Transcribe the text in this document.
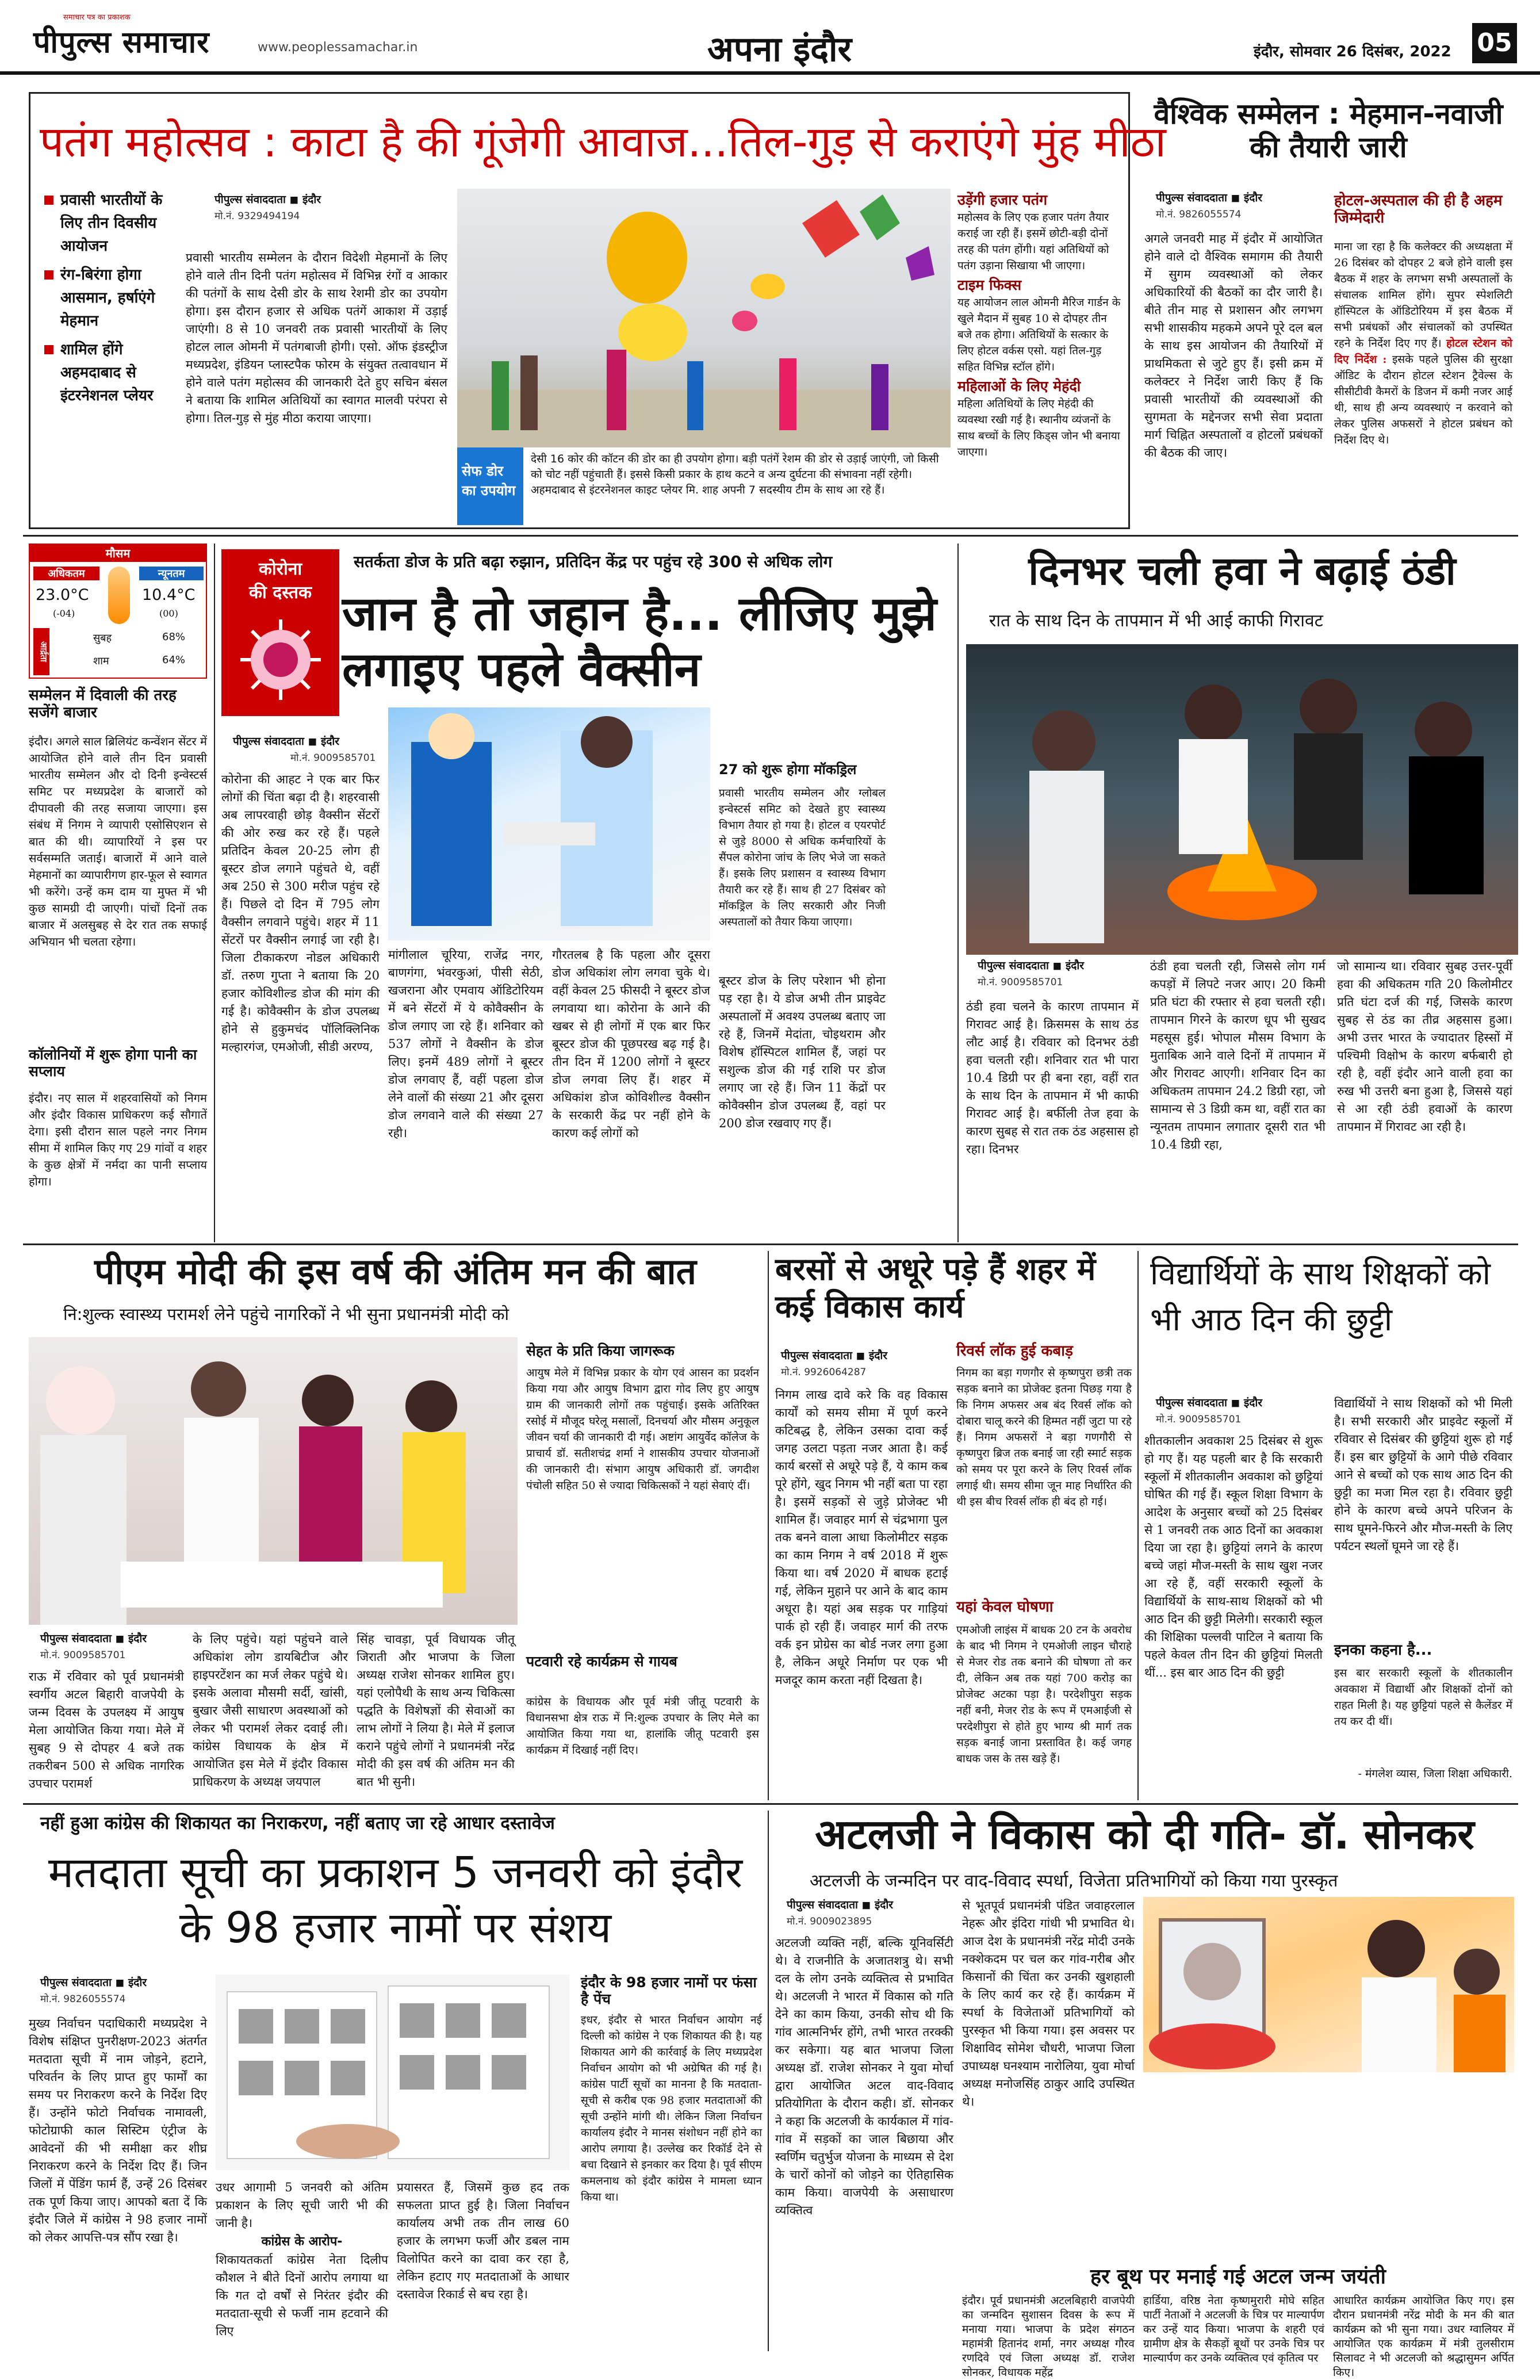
समाचार पत्र का प्रकाशक
पीपुल्स समाचार	www.peoplessamachar.in	अपना इंदौर	इंदौर, सोमवार 26 दिसंबर, 2022 05
पतंग महोत्सव : काटा है की गूंजेगी आवाज...तिल-गुड़ से कराएंगे मुंह मीठा
प्रवासी भारतीयों के लिए तीन दिवसीय आयोजन
रंग-बिरंगा होगा आसमान, हर्षाएंगे मेहमान
शामिल होंगे अहमदाबाद से इंटरनेशनल प्लेयर
पीपुल्स संवाददाता ◼ इंदौर
मो.नं. 9329494194
प्रवासी भारतीय सम्मेलन के दौरान विदेशी मेहमानों के लिए होने वाले तीन दिनी पतंग महोत्सव में विभिन्न रंगों व आकार की पतंगों के साथ देसी डोर के साथ रेशमी डोर का उपयोग होगा। इस दौरान हजार से अधिक पतंगें आकाश में उड़ाई जाएंगी। 8 से 10 जनवरी तक प्रवासी भारतीयों के लिए होटल लाल ओमनी में पतंगबाजी होगी। एसो. ऑफ इंडस्ट्रीज मध्यप्रदेश, इंडियन प्लास्टपैक फोरम के संयुक्त तत्वावधान में होने वाले पतंग महोत्सव की जानकारी देते हुए सचिन बंसल ने बताया कि शामिल अतिथियों का स्वागत मालवी परंपरा से होगा। तिल-गुड़ से मुंह मीठा कराया जाएगा।
सेफ डोर का उपयोग
देसी 16 कोर की कॉटन की डोर का ही उपयोग होगा। बड़ी पतंगें रेशम की डोर से उड़ाई जाएंगी, जो किसी को चोट नहीं पहुंचाती हैं। इससे किसी प्रकार के हाथ कटने व अन्य दुर्घटना की संभावना नहीं रहेगी। अहमदाबाद से इंटरनेशनल काइट प्लेयर मि. शाह अपनी 7 सदस्यीय टीम के साथ आ रहे हैं।
उड़ेंगी हजार पतंग

महोत्सव के लिए एक हजार पतंग तैयार कराई जा रही हैं। इसमें छोटी-बड़ी दोनों तरह की पतंग होंगी। यहां अतिथियों को पतंग उड़ाना सिखाया भी जाएगा।

टाइम फिक्स

यह आयोजन लाल ओमनी मैरिज गार्डन के खुले मैदान में सुबह 10 से दोपहर तीन बजे तक होगा। अतिथियों के सत्कार के लिए होटल वर्कस एसो. यहां तिल-गुड़ सहित विभिन्न स्टॉल होंगे।

महिलाओं के लिए मेहंदी

महिला अतिथियों के लिए मेहंदी की व्यवस्था रखी गई है। स्थानीय व्यंजनों के साथ बच्चों के लिए किड्स जोन भी बनाया जाएगा।

वैश्विक सम्मेलन : मेहमान-नवाजी की तैयारी जारी
पीपुल्स संवाददाता ◼ इंदौर
मो.नं. 9826055574
अगले जनवरी माह में इंदौर में आयोजित होने वाले दो वैश्विक समागम की तैयारी में सुगम व्यवस्थाओं को लेकर अधिकारियों की बैठकों का दौर जारी है। बीते तीन माह से प्रशासन और लगभग सभी शासकीय महकमे अपने पूरे दल बल के साथ इस आयोजन की तैयारियों में प्राथमिकता से जुटे हुए हैं। इसी क्रम में कलेक्टर ने निर्देश जारी किए हैं कि प्रवासी भारतीयों की व्यवस्थाओं की सुगमता के मद्देनजर सभी सेवा प्रदाता मार्ग चिह्नित अस्पतालों व होटलों प्रबंधकों की बैठक की जाए।
होटल-अस्पताल की ही है अहम जिम्मेदारी
माना जा रहा है कि कलेक्टर की अध्यक्षता में 26 दिसंबर को दोपहर 2 बजे होने वाली इस बैठक में शहर के लगभग सभी अस्पतालों के संचालक शामिल होंगे। सुपर स्पेशलिटी हॉस्पिटल के ऑडिटोरियम में इस बैठक में सभी प्रबंधकों और संचालकों को उपस्थित रहने के निर्देश दिए गए हैं। होटल स्टेशन को दिए निर्देश : इसके पहले पुलिस की सुरक्षा ऑडिट के दौरान होटल स्टेशन ट्रैवेल्स के सीसीटीवी कैमरों के डिजन में कमी नजर आई थी, साथ ही अन्य व्यवस्थाएं न करवाने को लेकर पुलिस अफसरों ने होटल प्रबंधन को निर्देश दिए थे।
मौसम
अधिकतम	न्यूनतम
23.0°C
(-04)
10.4°C
(00)
आर्द्रता
सुबह	68%
शाम	64%
सम्मेलन में दिवाली की तरह सजेंगे बाजार
इंदौर। अगले साल ब्रिलियंट कन्वेंशन सेंटर में आयोजित होने वाले तीन दिन प्रवासी भारतीय सम्मेलन और दो दिनी इन्वेस्टर्स समिट पर मध्यप्रदेश के बाजारों को दीपावली की तरह सजाया जाएगा। इस संबंध में निगम ने व्यापारी एसोसिएशन से बात की थी। व्यापारियों ने इस पर सर्वसम्मति जताई। बाजारों में आने वाले मेहमानों का व्यापारीगण हार-फूल से स्वागत भी करेंगे। उन्हें कम दाम या मुफ्त में भी कुछ सामग्री दी जाएगी। पांचों दिनों तक बाजार में अलसुबह से देर रात तक सफाई अभियान भी चलता रहेगा।
कॉलोनियों में शुरू होगा पानी का सप्लाय
इंदौर। नए साल में शहरवासियों को निगम और इंदौर विकास प्राधिकरण कई सौगातें देगा। इसी दौरान साल पहले नगर निगम सीमा में शामिल किए गए 29 गांवों व शहर के कुछ क्षेत्रों में नर्मदा का पानी सप्लाय होगा।
कोरोना
की दस्तक
सतर्कता डोज के प्रति बढ़ा रुझान, प्रतिदिन केंद्र पर पहुंच रहे 300 से अधिक लोग
जान है तो जहान है... लीजिए मुझे लगाइए पहले वैक्सीन
पीपुल्स संवाददाता ◼ इंदौर
मो.नं. 9009585701
कोरोना की आहट ने एक बार फिर लोगों की चिंता बढ़ा दी है। शहरवासी अब लापरवाही छोड़ वैक्सीन सेंटरों की ओर रुख कर रहे हैं। पहले प्रतिदिन केवल 20-25 लोग ही बूस्टर डोज लगाने पहुंचते थे, वहीं अब 250 से 300 मरीज पहुंच रहे हैं। पिछले दो दिन में 795 लोग वैक्सीन लगवाने पहुंचे। शहर में 11 सेंटरों पर वैक्सीन लगाई जा रही है। जिला टीकाकरण नोडल अधिकारी डॉ. तरुण गुप्ता ने बताया कि 20 हजार कोविशील्ड डोज की मांग की गई है। कोवैक्सीन के डोज उपलब्ध होने से हुकुमचंद पॉलिक्लिनिक मल्हारगंज, एमओजी, सीडी अरण्य,
मांगीलाल चूरिया, राजेंद्र नगर, बाणगंगा, भंवरकुआं, पीसी सेठी, खजराना और एमवाय ऑडिटोरियम में बने सेंटरों में ये कोवैक्सीन के डोज लगाए जा रहे हैं। शनिवार को 537 लोगों ने वैक्सीन के डोज लिए। इनमें 489 लोगों ने बूस्टर डोज लगवाए हैं, वहीं पहला डोज लेने वालों की संख्या 21 और दूसरा डोज लगवाने वाले की संख्या 27 रही।
गौरतलब है कि पहला और दूसरा डोज अधिकांश लोग लगवा चुके थे। वहीं केवल 25 फीसदी ने बूस्टर डोज लगवाया था। कोरोना के आने की खबर से ही लोगों में एक बार फिर बूस्टर डोज की पूछपरख बढ़ गई है। तीन दिन में 1200 लोगों ने बूस्टर डोज लगवा लिए हैं। शहर में अधिकांश डोज कोविशील्ड वैक्सीन के सरकारी केंद्र पर नहीं होने के कारण कई लोगों को
27 को शुरू होगा मॉकड्रिल
प्रवासी भारतीय सम्मेलन और ग्लोबल इन्वेस्टर्स समिट को देखते हुए स्वास्थ्य विभाग तैयार हो गया है। होटल व एयरपोर्ट से जुड़े 8000 से अधिक कर्मचारियों के सैंपल कोरोना जांच के लिए भेजे जा सकते हैं। इसके लिए प्रशासन व स्वास्थ्य विभाग तैयारी कर रहे हैं। साथ ही 27 दिसंबर को मॉकड्रिल के लिए सरकारी और निजी अस्पतालों को तैयार किया जाएगा।
बूस्टर डोज के लिए परेशान भी होना पड़ रहा है। ये डोज अभी तीन प्राइवेट अस्पतालों में अवश्य उपलब्ध बताए जा रहे हैं, जिनमें मेदांता, चोइथराम और विशेष हॉस्पिटल शामिल हैं, जहां पर सशुल्क डोज की गई राशि पर डोज लगाए जा रहे हैं। जिन 11 केंद्रों पर कोवैक्सीन डोज उपलब्ध हैं, वहां पर 200 डोज रखवाए गए हैं।
दिनभर चली हवा ने बढ़ाई ठंडी
रात के साथ दिन के तापमान में भी आई काफी गिरावट
पीपुल्स संवाददाता ◼ इंदौर
मो.नं. 9009585701
ठंडी हवा चलने के कारण तापमान में गिरावट आई है। क्रिसमस के साथ ठंड लौट आई है। रविवार को दिनभर ठंडी हवा चलती रही। शनिवार रात भी पारा 10.4 डिग्री पर ही बना रहा, वहीं रात के साथ दिन के तापमान में भी काफी गिरावट आई है। बर्फीली तेज हवा के कारण सुबह से रात तक ठंड अहसास हो रहा। दिनभर
ठंडी हवा चलती रही, जिससे लोग गर्म कपड़ों में लिपटे नजर आए। 20 किमी प्रति घंटा की रफ्तार से हवा चलती रही। तापमान गिरने के कारण धूप भी सुखद महसूस हुई। भोपाल मौसम विभाग के मुताबिक आने वाले दिनों में तापमान में और गिरावट आएगी। शनिवार दिन का अधिकतम तापमान 24.2 डिग्री रहा, जो सामान्य से 3 डिग्री कम था, वहीं रात का न्यूनतम तापमान लगातार दूसरी रात भी 10.4 डिग्री रहा,
जो सामान्य था। रविवार सुबह उत्तर-पूर्वी हवा की अधिकतम गति 20 किलोमीटर प्रति घंटा दर्ज की गई, जिसके कारण सुबह से ठंड का तीव्र अहसास हुआ। अभी उत्तर भारत के ज्यादातर हिस्सों में पश्चिमी विक्षोभ के कारण बर्फबारी हो रही है, वहीं इंदौर आने वाली हवा का रुख भी उत्तरी बना हुआ है, जिससे यहां से आ रही ठंडी हवाओं के कारण तापमान में गिरावट आ रही है।
पीएम मोदी की इस वर्ष की अंतिम मन की बात
नि:शुल्क स्वास्थ्य परामर्श लेने पहुंचे नागरिकों ने भी सुना प्रधानमंत्री मोदी को
पीपुल्स संवाददाता ◼ इंदौर
मो.नं. 9009585701
राऊ में रविवार को पूर्व प्रधानमंत्री स्वर्गीय अटल बिहारी वाजपेयी के जन्म दिवस के उपलक्ष्य में आयुष मेला आयोजित किया गया। मेले में सुबह 9 से दोपहर 4 बजे तक तकरीबन 500 से अधिक नागरिक उपचार परामर्श
के लिए पहुंचे। यहां पहुंचने वाले अधिकांश लोग डायबिटीज और हाइपरटेंशन का मर्ज लेकर पहुंचे थे। इसके अलावा मौसमी सर्दी, खांसी, बुखार जैसी साधारण अवस्थाओं को लेकर भी परामर्श लेकर दवाई ली। कांग्रेस विधायक के क्षेत्र में आयोजित इस मेले में इंदौर विकास प्राधिकरण के अध्यक्ष जयपाल
सिंह चावड़ा, पूर्व विधायक जीतू जिराती और भाजपा के जिला अध्यक्ष राजेश सोनकर शामिल हुए। यहां एलोपैथी के साथ अन्य चिकित्सा पद्धति के विशेषज्ञों की सेवाओं का लाभ लोगों ने लिया है। मेले में इलाज कराने पहुंचे लोगों ने प्रधानमंत्री नरेंद्र मोदी की इस वर्ष की अंतिम मन की बात भी सुनी।
सेहत के प्रति किया जागरूक
आयुष मेले में विभिन्न प्रकार के योग एवं आसन का प्रदर्शन किया गया और आयुष विभाग द्वारा गोद लिए हुए आयुष ग्राम की जानकारी लोगों तक पहुंचाई। इसके अतिरिक्त रसोई में मौजूद घरेलू मसालों, दिनचर्या और मौसम अनुकूल जीवन चर्या की जानकारी दी गई। अष्टांग आयुर्वेद कॉलेज के प्राचार्य डॉ. सतीशचंद्र शर्मा ने शासकीय उपचार योजनाओं की जानकारी दी। संभाग आयुष अधिकारी डॉ. जगदीश पंचोली सहित 50 से ज्यादा चिकित्सकों ने यहां सेवाएं दीं।
पटवारी रहे कार्यक्रम से गायब
कांग्रेस के विधायक और पूर्व मंत्री जीतू पटवारी के विधानसभा क्षेत्र राऊ में नि:शुल्क उपचार के लिए मेले का आयोजित किया गया था, हालांकि जीतू पटवारी इस कार्यक्रम में दिखाई नहीं दिए।
बरसों से अधूरे पड़े हैं शहर में कई विकास कार्य
पीपुल्स संवाददाता ◼ इंदौर
मो.नं. 9926064287
निगम लाख दावे करे कि वह विकास कार्यों को समय सीमा में पूर्ण करने कटिबद्ध है, लेकिन उसका दावा कई जगह उलटा पड़ता नजर आता है। कई कार्य बरसों से अधूरे पड़े हैं, ये काम कब पूरे होंगे, खुद निगम भी नहीं बता पा रहा है। इसमें सड़कों से जुड़े प्रोजेक्ट भी शामिल हैं। जवाहर मार्ग से चंद्रभागा पुल तक बनने वाला आधा किलोमीटर सड़क का काम निगम ने वर्ष 2018 में शुरू किया था। वर्ष 2020 में बाधक हटाई गई, लेकिन मुहाने पर आने के बाद काम अधूरा है। यहां अब सड़क पर गाड़ियां पार्क हो रही हैं। जवाहर मार्ग की तरफ वर्क इन प्रोग्रेस का बोर्ड नजर लगा हुआ है, लेकिन अधूरे निर्माण पर एक भी मजदूर काम करता नहीं दिखता है।
रिवर्स लॉक हुई कबाड़
निगम का बड़ा गणगौर से कृष्णपुरा छत्री तक सड़क बनाने का प्रोजेक्ट इतना पिछड़ गया है कि निगम अफसर अब बंद रिवर्स लॉक को दोबारा चालू करने की हिम्मत नहीं जुटा पा रहे हैं। निगम अफसरों ने बड़ा गणगौरी से कृष्णपुरा ब्रिज तक बनाई जा रही स्मार्ट सड़क को समय पर पूरा करने के लिए रिवर्स लॉक लगाई थी। समय सीमा जून माह निर्धारित की थी इस बीच रिवर्स लॉक ही बंद हो गई।
यहां केवल घोषणा
एमओजी लाइंस में बाधक 20 टन के अवरोध के बाद भी निगम ने एमओजी लाइन चौराहे से मेजर रोड तक बनाने की घोषणा तो कर दी, लेकिन अब तक यहां 700 करोड़ का प्रोजेक्ट अटका पड़ा है। परदेशीपुरा सड़क नहीं बनी, मेजर रोड के रूप में एमआईजी से परदेशीपुरा से होते हुए भाग्य श्री मार्ग तक सड़क बनाई जाना प्रस्तावित है। कई जगह बाधक जस के तस खड़े हैं।
विद्यार्थियों के साथ शिक्षकों को भी आठ दिन की छुट्टी
पीपुल्स संवाददाता ◼ इंदौर
मो.नं. 9009585701
शीतकालीन अवकाश 25 दिसंबर से शुरू हो गए हैं। यह पहली बार है कि सरकारी स्कूलों में शीतकालीन अवकाश को छुट्टियां घोषित की गई हैं। स्कूल शिक्षा विभाग के आदेश के अनुसार बच्चों को 25 दिसंबर से 1 जनवरी तक आठ दिनों का अवकाश दिया जा रहा है। छुट्टियां लगने के कारण बच्चे जहां मौज-मस्ती के साथ खुश नजर आ रहे हैं, वहीं सरकारी स्कूलों के विद्यार्थियों के साथ-साथ शिक्षकों को भी आठ दिन की छुट्टी मिलेगी। सरकारी स्कूल की शिक्षिका पल्लवी पाटिल ने बताया कि पहले केवल तीन दिन की छुट्टियां मिलती थीं... इस बार आठ दिन की छुट्टी
विद्यार्थियों ने साथ शिक्षकों को भी मिली है। सभी सरकारी और प्राइवेट स्कूलों में रविवार से दिसंबर की छुट्टियां शुरू हो गई हैं। इस बार छुट्टियों के आगे पीछे रविवार आने से बच्चों को एक साथ आठ दिन की छुट्टी का मजा मिल रहा है। रविवार छुट्टी होने के कारण बच्चे अपने परिजन के साथ घूमने-फिरने और मौज-मस्ती के लिए पर्यटन स्थलों घूमने जा रहे हैं।
इनका कहना है...
इस बार सरकारी स्कूलों के शीतकालीन अवकाश में विद्यार्थी और शिक्षकों दोनों को राहत मिली है। यह छुट्टियां पहले से कैलेंडर में तय कर दी थीं।
- मंगलेश व्यास, जिला शिक्षा अधिकारी.
नहीं हुआ कांग्रेस की शिकायत का निराकरण, नहीं बताए जा रहे आधार दस्तावेज
मतदाता सूची का प्रकाशन 5 जनवरी को इंदौर के 98 हजार नामों पर संशय
पीपुल्स संवाददाता ◼ इंदौर
मो.नं. 9826055574
मुख्य निर्वाचन पदाधिकारी मध्यप्रदेश ने विशेष संक्षिप्त पुनरीक्षण-2023 अंतर्गत मतदाता सूची में नाम जोड़ने, हटाने, परिवर्तन के लिए प्राप्त हुए फार्मों का समय पर निराकरण करने के निर्देश दिए हैं। उन्होंने फोटो निर्वाचक नामावली, फोटोग्राफी काल सिस्टिम एंट्रीज के आवेदनों की भी समीक्षा कर शीघ्र निराकरण करने के निर्देश दिए हैं। जिन जिलों में पेंडिंग फार्म हैं, उन्हें 26 दिसंबर तक पूर्ण किया जाए। आपको बता दें कि इंदौर जिले में कांग्रेस ने 98 हजार नामों को लेकर आपत्ति-पत्र सौंप रखा है।
उधर आगामी 5 जनवरी को अंतिम प्रकाशन के लिए सूची जारी भी की जानी है।
कांग्रेस के आरोप-
शिकायतकर्ता कांग्रेस नेता दिलीप कौशल ने बीते दिनों आरोप लगाया था कि गत दो वर्षों से निरंतर इंदौर की मतदाता-सूची से फर्जी नाम हटवाने की लिए
प्रयासरत हैं, जिसमें कुछ हद तक सफलता प्राप्त हुई है। जिला निर्वाचन कार्यालय अभी तक तीन लाख 60 हजार के लगभग फर्जी और डबल नाम विलोपित करने का दावा कर रहा है, लेकिन हटाए गए मतदाताओं के आधार दस्तावेज रिकार्ड से बच रहा है।
इंदौर के 98 हजार नामों पर फंसा है पेंच
इधर, इंदौर से भारत निर्वाचन आयोग नई दिल्ली को कांग्रेस ने एक शिकायत की है। यह शिकायत आगे की कार्रवाई के लिए मध्यप्रदेश निर्वाचन आयोग को भी अग्रेषित की गई है। कांग्रेस पार्टी सूचों का मानना है कि मतदाता-सूची से करीब एक 98 हजार मतदाताओं की सूची उन्होंने मांगी थी। लेकिन जिला निर्वाचन कार्यालय इंदौर ने मानस संशोधन नहीं होने का आरोप लगाया है। उल्लेख कर रिकॉर्ड देने से बचा दिखाने से इनकार कर दिया है। पूर्व सीएम कमलनाथ को इंदौर कांग्रेस ने मामला ध्यान किया था।
अटलजी ने विकास को दी गति- डॉ. सोनकर
अटलजी के जन्मदिन पर वाद-विवाद स्पर्धा, विजेता प्रतिभागियों को किया गया पुरस्कृत
पीपुल्स संवाददाता ◼ इंदौर
मो.नं. 9009023895
अटलजी व्यक्ति नहीं, बल्कि यूनिवर्सिटी थे। वे राजनीति के अजातशत्रु थे। सभी दल के लोग उनके व्यक्तित्व से प्रभावित थे। अटलजी ने भारत में विकास को गति देने का काम किया, उनकी सोच थी कि गांव आत्मनिर्भर होंगे, तभी भारत तरक्की कर सकेगा। यह बात भाजपा जिला अध्यक्ष डॉ. राजेश सोनकर ने युवा मोर्चा द्वारा आयोजित अटल वाद-विवाद प्रतियोगिता के दौरान कही। डॉ. सोनकर ने कहा कि अटलजी के कार्यकाल में गांव-गांव में सड़कों का जाल बिछाया और स्वर्णिम चतुर्भुज योजना के माध्यम से देश के चारों कोनों को जोड़ने का ऐतिहासिक काम किया। वाजपेयी के असाधारण व्यक्तित्व
से भूतपूर्व प्रधानमंत्री पंडित जवाहरलाल नेहरू और इंदिरा गांधी भी प्रभावित थे। आज देश के प्रधानमंत्री नरेंद्र मोदी उनके नक्शेकदम पर चल कर गांव-गरीब और किसानों की चिंता कर उनकी खुशहाली के लिए कार्य कर रहे हैं। कार्यक्रम में स्पर्धा के विजेताओं प्रतिभागियों को पुरस्कृत भी किया गया। इस अवसर पर शिक्षाविद सोमेश चौधरी, भाजपा जिला उपाध्यक्ष घनश्याम नारोलिया, युवा मोर्चा अध्यक्ष मनोजसिंह ठाकुर आदि उपस्थित थे।
हर बूथ पर मनाई गई अटल जन्म जयंती
इंदौर। पूर्व प्रधानमंत्री अटलबिहारी वाजपेयी का जन्मदिन सुशासन दिवस के रूप में मनाया गया। भाजपा के प्रदेश संगठन महामंत्री हितानंद शर्मा, नगर अध्यक्ष गौरव रणदिवे एवं जिला अध्यक्ष डॉ. राजेश सोनकर, विधायक महेंद्र
हार्डिया, वरिष्ठ नेता कृष्णमुरारी मोघे सहित पार्टी नेताओं ने अटलजी के चित्र पर माल्यार्पण कर उन्हें याद किया। भाजपा के शहरी एवं ग्रामीण क्षेत्र के सैकड़ों बूथों पर उनके चित्र पर माल्यार्पण कर उनके व्यक्तित्व एवं कृतित्व पर
आधारित कार्यक्रम आयोजित किए गए। इस दौरान प्रधानमंत्री नरेंद्र मोदी के मन की बात कार्यक्रम को भी सुना गया। उधर ग्वालियर में आयोजित एक कार्यक्रम में मंत्री तुलसीराम सिलावट ने भी अटलजी को श्रद्धासुमन अर्पित किए।
